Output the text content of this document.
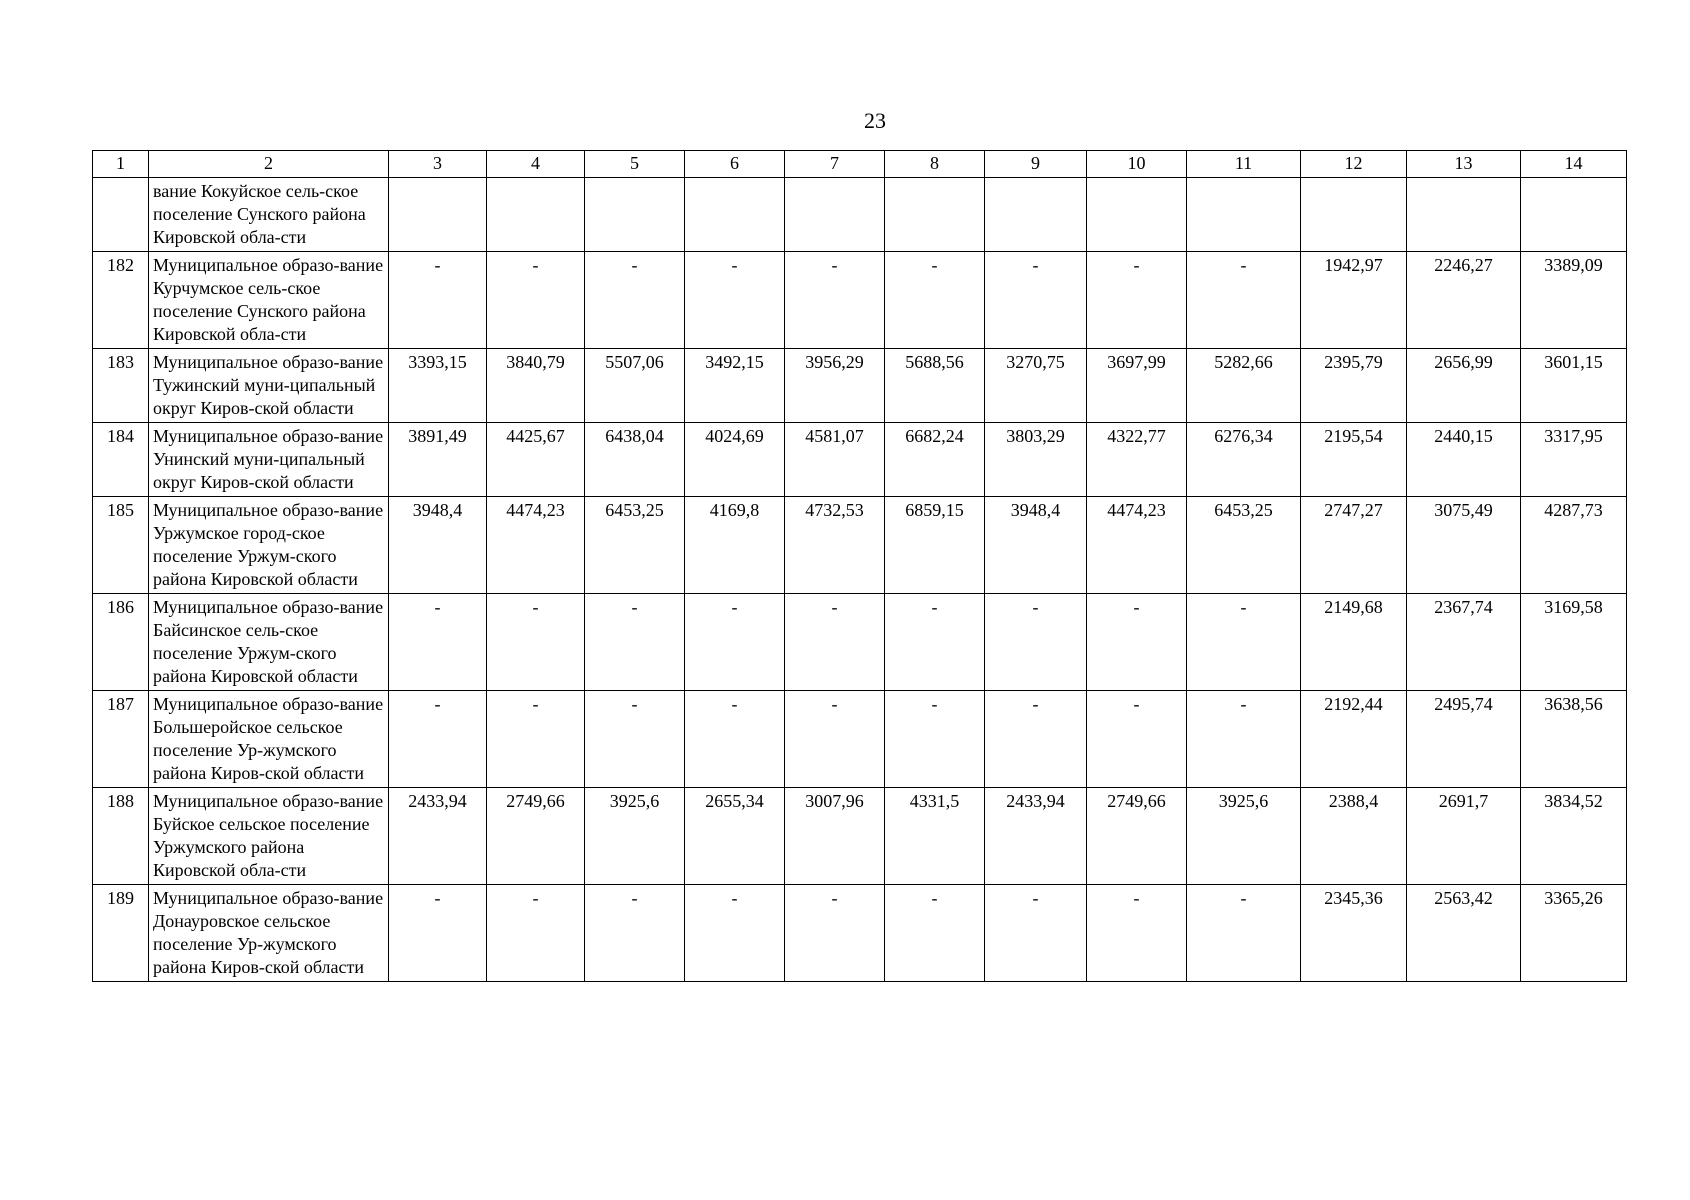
23
1	2	3	4	5	6	7	8	9	10	11	12	13	14
	вание Кокуйское сель-ское поселение Сунского района Кировской обла-сти												
182	Муниципальное образо-вание Курчумское сель-ское поселение Сунского района Кировской обла-сти	-	-	-	-	-	-	-	-	-	1942,97	2246,27	3389,09
183	Муниципальное образо-вание Тужинский муни-ципальный округ Киров-ской области	3393,15	3840,79	5507,06	3492,15	3956,29	5688,56	3270,75	3697,99	5282,66	2395,79	2656,99	3601,15
184	Муниципальное образо-вание Унинский муни-ципальный округ Киров-ской области	3891,49	4425,67	6438,04	4024,69	4581,07	6682,24	3803,29	4322,77	6276,34	2195,54	2440,15	3317,95
185	Муниципальное образо-вание Уржумское город-ское поселение Уржум-ского района Кировской области	3948,4	4474,23	6453,25	4169,8	4732,53	6859,15	3948,4	4474,23	6453,25	2747,27	3075,49	4287,73
186	Муниципальное образо-вание Байсинское сель-ское поселение Уржум-ского района Кировской области	-	-	-	-	-	-	-	-	-	2149,68	2367,74	3169,58
187	Муниципальное образо-вание Большеройское сельское поселение Ур-жумского района Киров-ской области	-	-	-	-	-	-	-	-	-	2192,44	2495,74	3638,56
188	Муниципальное образо-вание Буйское сельское поселение Уржумского района Кировской обла-сти	2433,94	2749,66	3925,6	2655,34	3007,96	4331,5	2433,94	2749,66	3925,6	2388,4	2691,7	3834,52
189	Муниципальное образо-вание Донауровское сельское поселение Ур-жумского района Киров-ской области	-	-	-	-	-	-	-	-	-	2345,36	2563,42	3365,26
